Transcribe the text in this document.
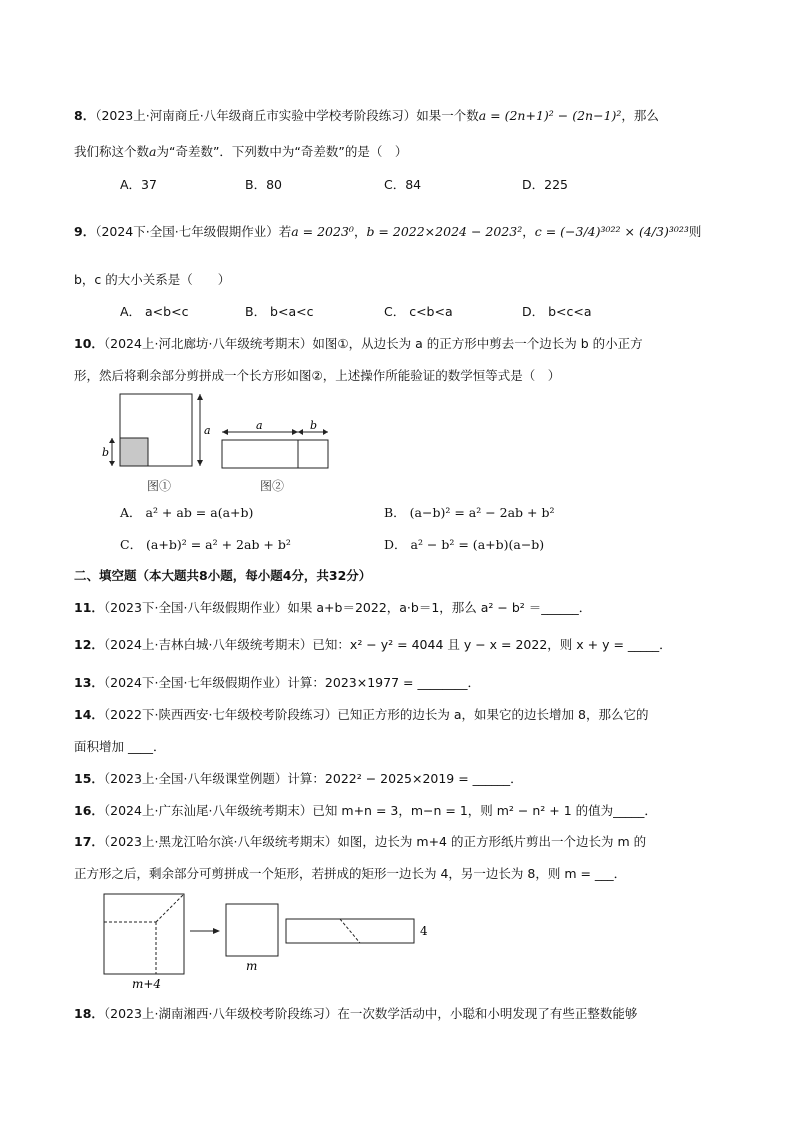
8．（2023上·河南商丘·八年级商丘市实验中学校考阶段练习）如果一个数a = (2n+1)² − (2n−1)²，那么
我们称这个数a为“奇差数”．下列数中为“奇差数”的是（　）
A．37	B．80	C．84	D．225
9．（2024下·全国·七年级假期作业）若a = 2023⁰，b = 2022×2024 − 2023²，c = (−3/4)³⁰²² × (4/3)³⁰²³则
b，c 的大小关系是（　　）
A． a<b<c	B． b<a<c	C． c<b<a	D． b<c<a
10．（2024上·河北廊坊·八年级统考期末）如图①，从边长为 a 的正方形中剪去一个边长为 b 的小正方
形，然后将剩余部分剪拼成一个长方形如图②，上述操作所能验证的数学恒等式是（　）
a
b
图①
a	b
图②
A． a² + ab = a(a+b)	B． (a−b)² = a² − 2ab + b²
C． (a+b)² = a² + 2ab + b²	D． a² − b² = (a+b)(a−b)
二、填空题（本大题共8小题，每小题4分，共32分）
11．（2023下·全国·八年级假期作业）如果 a+b＝2022，a·b＝1，那么 a² − b² ＝______．
12．（2024上·吉林白城·八年级统考期末）已知：x² − y² = 4044 且 y − x = 2022，则 x + y = _____．
13．（2024下·全国·七年级假期作业）计算：2023×1977 = ________．
14．（2022下·陕西西安·七年级校考阶段练习）已知正方形的边长为 a，如果它的边长增加 8，那么它的
面积增加 ____．
15．（2023上·全国·八年级课堂例题）计算：2022² − 2025×2019 = ______．
16．（2024上·广东汕尾·八年级统考期末）已知 m+n = 3，m−n = 1，则 m² − n² + 1 的值为_____．
17．（2023上·黑龙江哈尔滨·八年级统考期末）如图，边长为 m+4 的正方形纸片剪出一个边长为 m 的
正方形之后，剩余部分可剪拼成一个矩形，若拼成的矩形一边长为 4，另一边长为 8，则 m = ___．
m+4
m
4
18．（2023上·湖南湘西·八年级校考阶段练习）在一次数学活动中，小聪和小明发现了有些正整数能够
